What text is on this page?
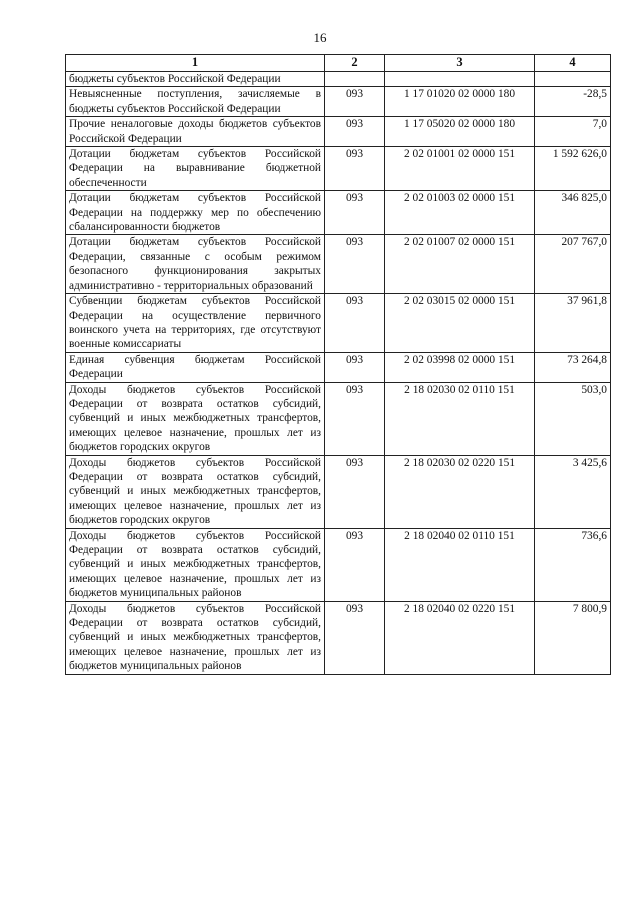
16
1	2	3	4
бюджеты субъектов Российской Федерации			
Невыясненные поступления, зачисляемые в бюджеты субъектов Российской Федерации	093	1 17 01020 02 0000 180	-28,5
Прочие неналоговые доходы бюджетов субъектов Российской Федерации	093	1 17 05020 02 0000 180	7,0
Дотации бюджетам субъектов Российской Федерации на выравнивание бюджетной обеспеченности	093	2 02 01001 02 0000 151	1 592 626,0
Дотации бюджетам субъектов Российской Федерации на поддержку мер по обеспечению сбалансированности бюджетов	093	2 02 01003 02 0000 151	346 825,0
Дотации бюджетам субъектов Российской Федерации, связанные с особым режимом безопасного функционирования закрытых административно - территориальных образований	093	2 02 01007 02 0000 151	207 767,0
Субвенции бюджетам субъектов Российской Федерации на осуществление первичного воинского учета на территориях, где отсутствуют военные комиссариаты	093	2 02 03015 02 0000 151	37 961,8
Единая субвенция бюджетам Российской Федерации	093	2 02 03998 02 0000 151	73 264,8
Доходы бюджетов субъектов Российской Федерации от возврата остатков субсидий, субвенций и иных межбюджетных трансфертов, имеющих целевое назначение, прошлых лет из бюджетов городских округов	093	2 18 02030 02 0110 151	503,0
Доходы бюджетов субъектов Российской Федерации от возврата остатков субсидий, субвенций и иных межбюджетных трансфертов, имеющих целевое назначение, прошлых лет из бюджетов городских округов	093	2 18 02030 02 0220 151	3 425,6
Доходы бюджетов субъектов Российской Федерации от возврата остатков субсидий, субвенций и иных межбюджетных трансфертов, имеющих целевое назначение, прошлых лет из бюджетов муниципальных районов	093	2 18 02040 02 0110 151	736,6
Доходы бюджетов субъектов Российской Федерации от возврата остатков субсидий, субвенций и иных межбюджетных трансфертов, имеющих целевое назначение, прошлых лет из бюджетов муниципальных районов	093	2 18 02040 02 0220 151	7 800,9
